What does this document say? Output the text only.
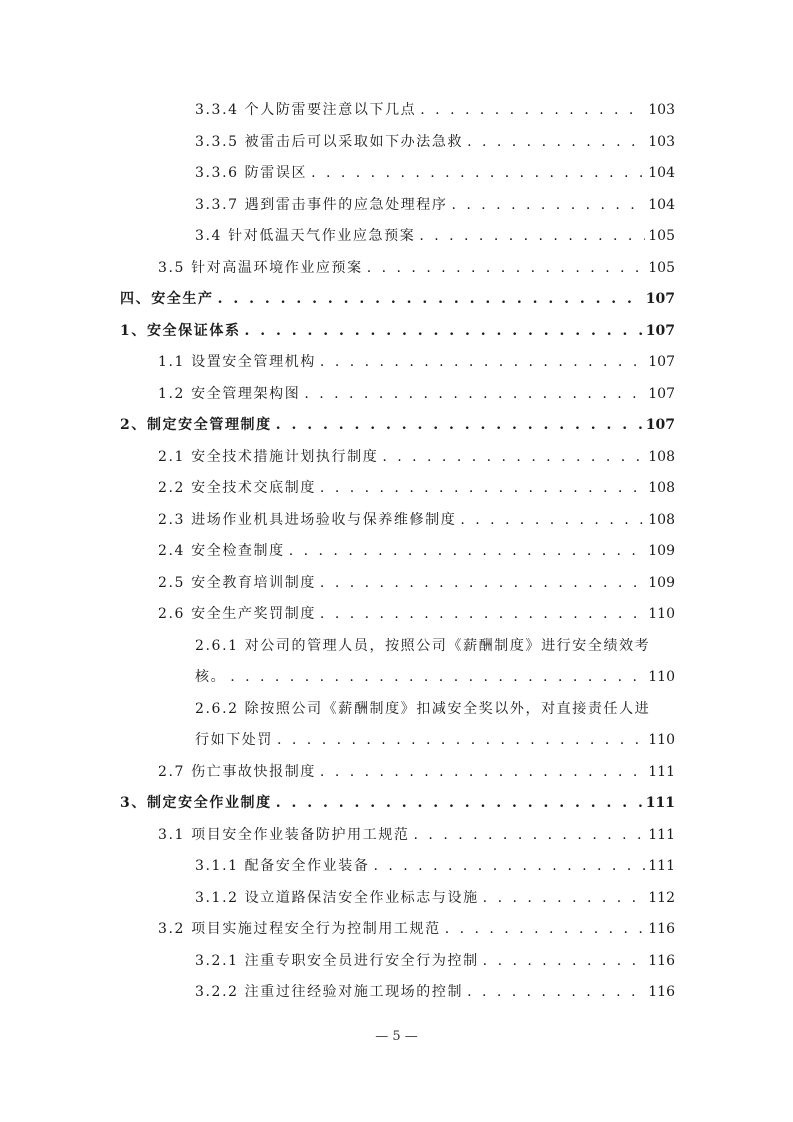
3.3.4 个人防雷要注意以下几点 . . .	103
3.3.5 被雷击后可以采取如下办法急救 . . .	103
3.3.6 防雷误区 . . .	104
3.3.7 遇到雷击事件的应急处理程序 . . .	104
3.4 针对低温天气作业应急预案 . . .	105
3.5 针对高温环境作业应预案 . . .	105
四、安全生产 . . .	107
1、安全保证体系 . . .	107
1.1 设置安全管理机构 . . .	107
1.2 安全管理架构图 . . .	107
2、制定安全管理制度 . . .	107
2.1 安全技术措施计划执行制度 . . .	108
2.2 安全技术交底制度 . . .	108
2.3 进场作业机具进场验收与保养维修制度 . . .	108
2.4 安全检查制度 . . .	109
2.5 安全教育培训制度 . . .	109
2.6 安全生产奖罚制度 . . .	110
2.6.1 对公司的管理人员，按照公司《薪酬制度》进行安全绩效考
核。 . . .	110
2.6.2 除按照公司《薪酬制度》扣减安全奖以外，对直接责任人进
行如下处罚 . . .	110
2.7 伤亡事故快报制度 . . .	111
3、制定安全作业制度 . . .	111
3.1 项目安全作业装备防护用工规范 . . .	111
3.1.1 配备安全作业装备 . . .	111
3.1.2 设立道路保洁安全作业标志与设施 . . .	112
3.2 项目实施过程安全行为控制用工规范 . . .	116
3.2.1 注重专职安全员进行安全行为控制 . . .	116
3.2.2 注重过往经验对施工现场的控制 . . .	116
— 5 —
